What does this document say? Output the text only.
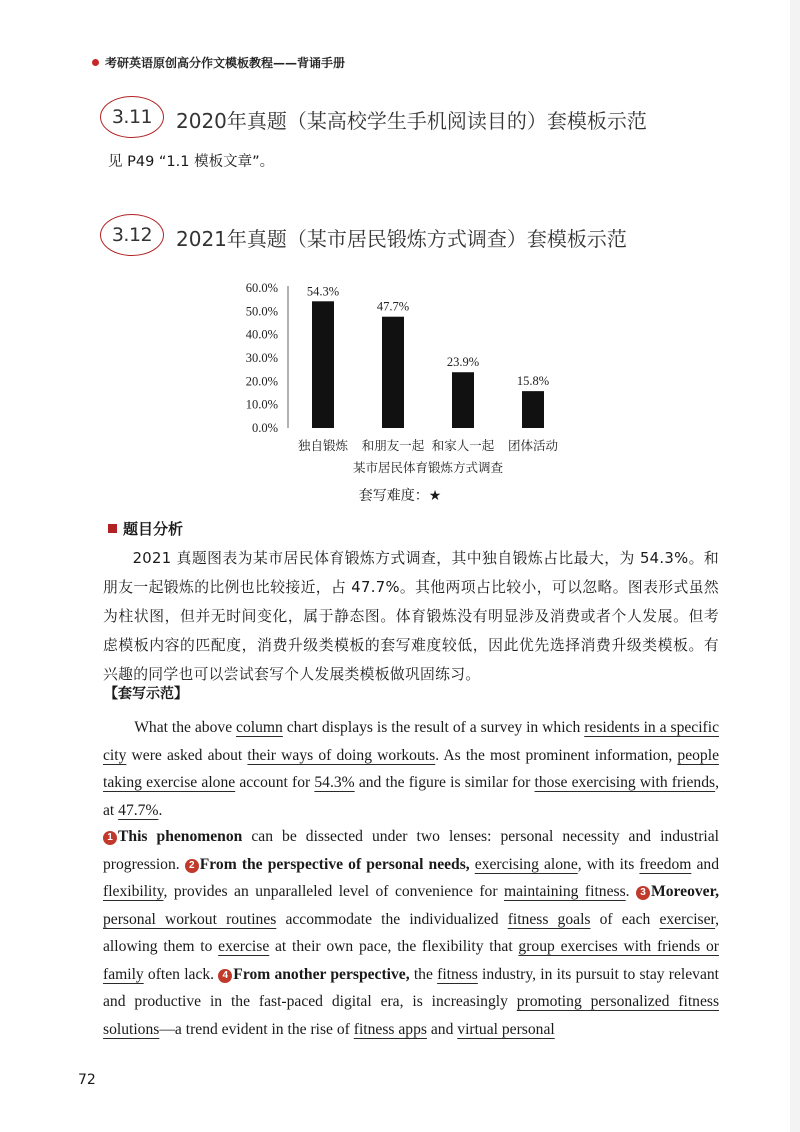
考研英语原创高分作文模板教程——背诵手册
3.11	2020年真题（某高校学生手机阅读目的）套模板示范
见 P49 “1.1 模板文章”。
3.12	2021年真题（某市居民锻炼方式调查）套模板示范
0.0%
10.0%
20.0%
30.0%
40.0%
50.0%
60.0% 54.3%
独自锻炼
47.7%
和朋友一起
23.9%
和家人一起
15.8%
团体活动
某市居民体育锻炼方式调查
套写难度：★
题目分析
2021 真题图表为某市居民体育锻炼方式调查，其中独自锻炼占比最大，为 54.3%。和朋友一起锻炼的比例也比较接近，占 47.7%。其他两项占比较小，可以忽略。图表形式虽然为柱状图，但并无时间变化，属于静态图。体育锻炼没有明显涉及消费或者个人发展。但考虑模板内容的匹配度，消费升级类模板的套写难度较低，因此优先选择消费升级类模板。有兴趣的同学也可以尝试套写个人发展类模板做巩固练习。
【套写示范】
What the above column chart displays is the result of a survey in which residents in a specific city were asked about their ways of doing workouts. As the most prominent information, people taking exercise alone account for 54.3% and the figure is similar for those exercising with friends, at 47.7%.
1 This phenomenon can be dissected under two lenses: personal necessity and industrial progression. 2 From the perspective of personal needs, exercising alone, with its freedom and flexibility, provides an unparalleled level of convenience for maintaining fitness. 3 Moreover, personal workout routines accommodate the individualized fitness goals of each exerciser, allowing them to exercise at their own pace, the flexibility that group exercises with friends or family often lack. 4 From another perspective, the fitness industry, in its pursuit to stay relevant and productive in the fast-paced digital era, is increasingly promoting personalized fitness solutions—a trend evident in the rise of fitness apps and virtual personal
72
